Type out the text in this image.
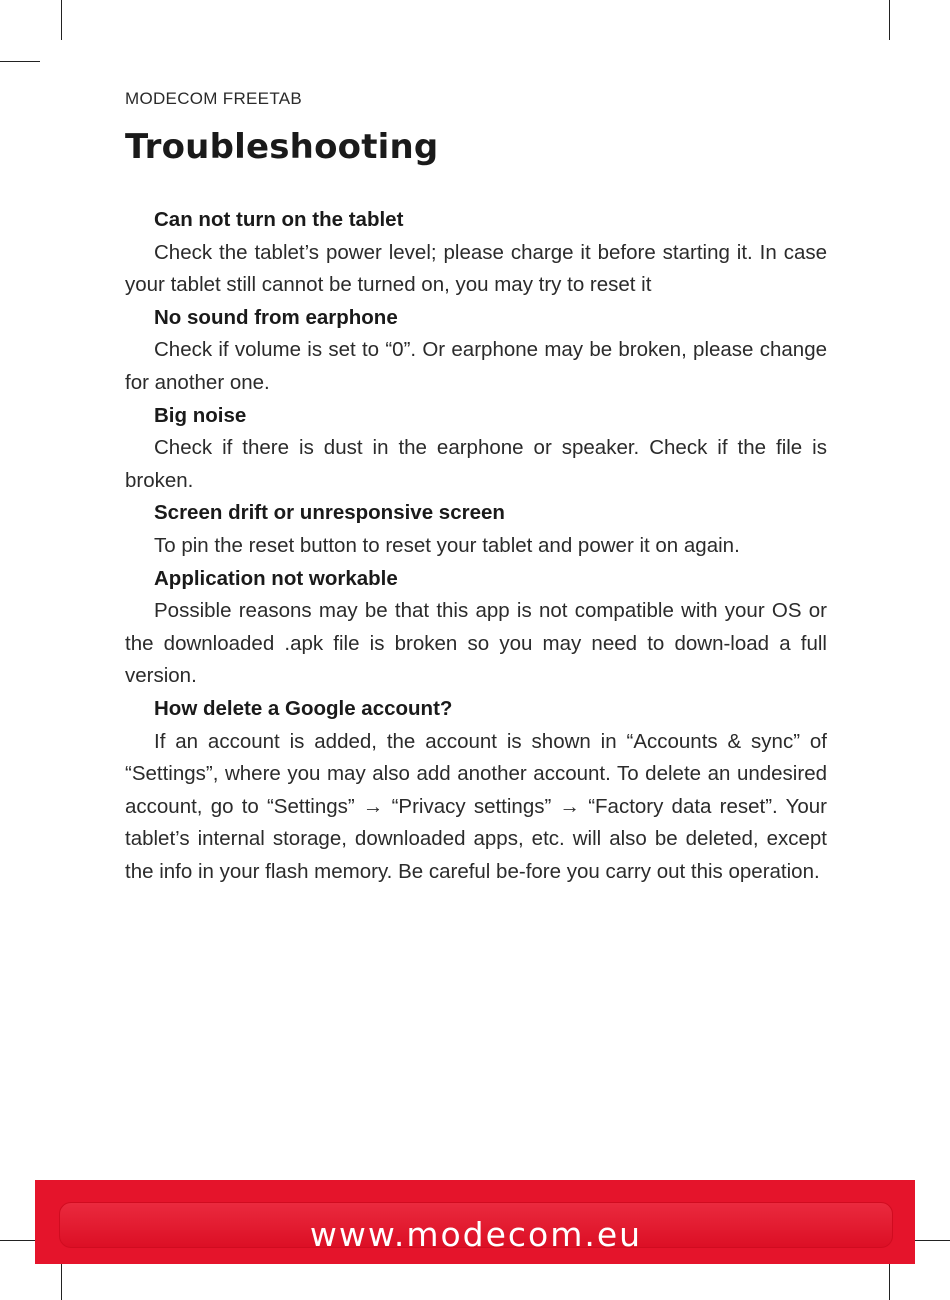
MODECOM FREETAB
Troubleshooting

Can not turn on the tablet

Check the tablet’s power level; please charge it before starting it. In case your tablet still cannot be turned on, you may try to reset it

No sound from earphone

Check if volume is set to “0”. Or earphone may be broken, please change for another one.

Big noise

Check if there is dust in the earphone or speaker. Check if the file is broken.

Screen drift or unresponsive screen

To pin the reset button to reset your tablet and power it on again.

Application not workable

Possible reasons may be that this app is not compatible with your OS or the downloaded .apk file is broken so you may need to down-load a full version.

How delete a Google account?

If an account is added, the account is shown in “Accounts & sync” of “Settings”, where you may also add another account. To delete an undesired account, go to “Settings” → “Privacy settings” → “Factory data reset”. Your tablet’s internal storage, downloaded apps, etc. will also be deleted, except the info in your flash memory. Be careful be-fore you carry out this operation.

www.modecom.eu
